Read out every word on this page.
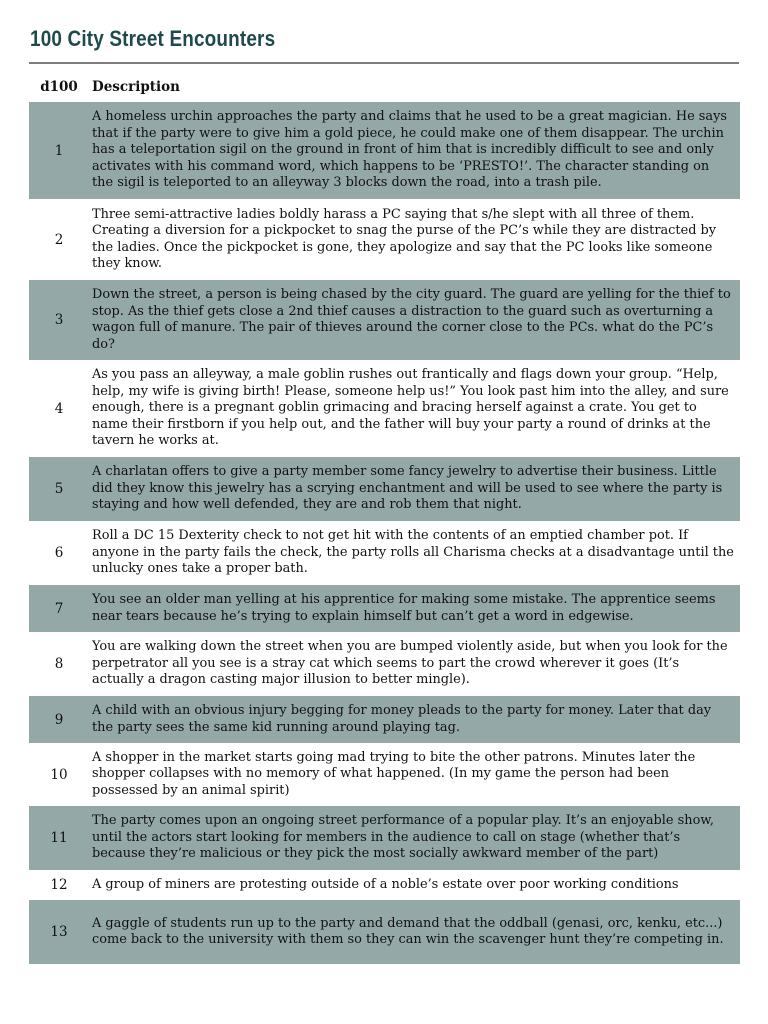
100 City Street Encounters
d100	Description
1
A homeless urchin approaches the party and claims that he used to be a great magician. He says that if the party were to give him a gold piece, he could make one of them disappear. The urchin has a teleportation sigil on the ground in front of him that is incredibly difficult to see and only activates with his command word, which happens to be ‘PRESTO!’. The character standing on the sigil is teleported to an alleyway 3 blocks down the road, into a trash pile.
2
Three semi-attractive ladies boldly harass a PC saying that s/he slept with all three of them. Creating a diversion for a pickpocket to snag the purse of the PC’s while they are distracted by the ladies. Once the pickpocket is gone, they apologize and say that the PC looks like someone they know.
3
Down the street, a person is being chased by the city guard. The guard are yelling for the thief to stop. As the thief gets close a 2nd thief causes a distraction to the guard such as overturning a wagon full of manure. The pair of thieves around the corner close to the PCs. what do the PC’s do?
4
As you pass an alleyway, a male goblin rushes out frantically and flags down your group. “Help, help, my wife is giving birth! Please, someone help us!” You look past him into the alley, and sure enough, there is a pregnant goblin grimacing and bracing herself against a crate. You get to name their firstborn if you help out, and the father will buy your party a round of drinks at the tavern he works at.
5
A charlatan offers to give a party member some fancy jewelry to advertise their business. Little did they know this jewelry has a scrying enchantment and will be used to see where the party is staying and how well defended, they are and rob them that night.
6
Roll a DC 15 Dexterity check to not get hit with the contents of an emptied chamber pot. If anyone in the party fails the check, the party rolls all Charisma checks at a disadvantage until the unlucky ones take a proper bath.
7
You see an older man yelling at his apprentice for making some mistake. The apprentice seems near tears because he’s trying to explain himself but can’t get a word in edgewise.
8
You are walking down the street when you are bumped violently aside, but when you look for the perpetrator all you see is a stray cat which seems to part the crowd wherever it goes (It’s actually a dragon casting major illusion to better mingle).
9
A child with an obvious injury begging for money pleads to the party for money. Later that day the party sees the same kid running around playing tag.
10
A shopper in the market starts going mad trying to bite the other patrons. Minutes later the shopper collapses with no memory of what happened. (In my game the person had been possessed by an animal spirit)
11
The party comes upon an ongoing street performance of a popular play. It’s an enjoyable show, until the actors start looking for members in the audience to call on stage (whether that’s because they’re malicious or they pick the most socially awkward member of the part)
12	A group of miners are protesting outside of a noble’s estate over poor working conditions
13
A gaggle of students run up to the party and demand that the oddball (genasi, orc, kenku, etc...) come back to the university with them so they can win the scavenger hunt they’re competing in.
